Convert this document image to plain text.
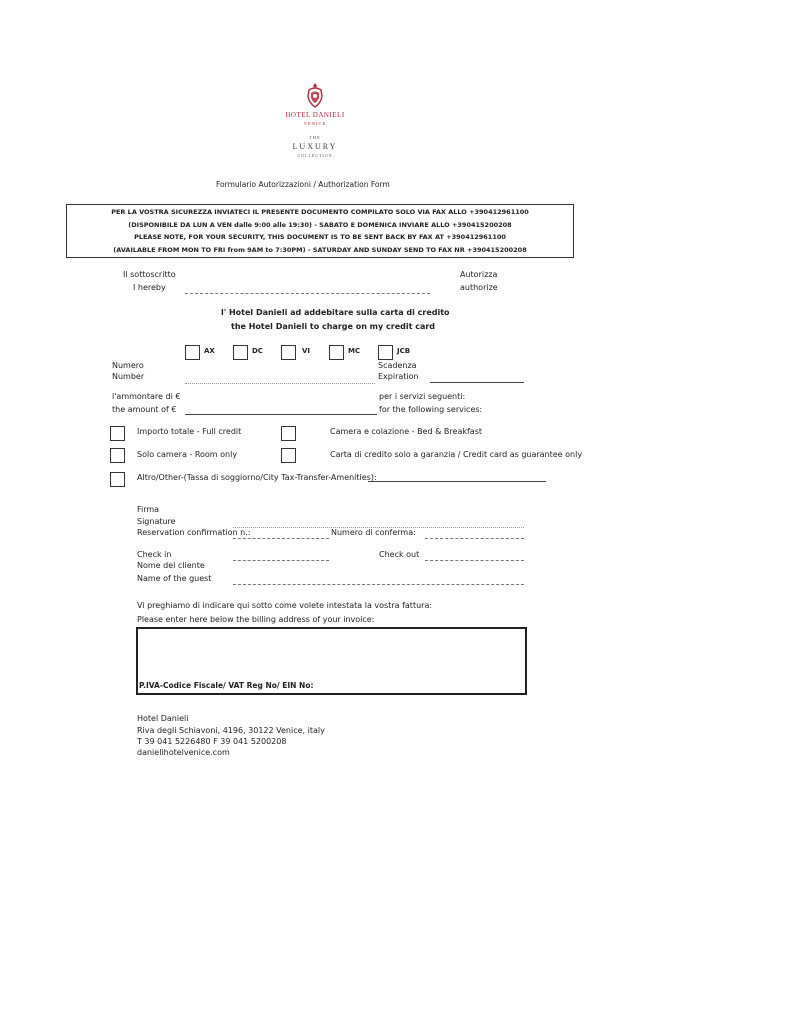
HOTEL DANIELI
VENICE
THE
LUXURY
COLLECTION
Formulario Autorizzazioni / Authorization Form
PER LA VOSTRA SICUREZZA INVIATECI IL PRESENTE DOCUMENTO COMPILATO SOLO VIA FAX ALLO +390412961100
(DISPONIBILE DA LUN A VEN dalle 9:00 alle 19:30) - SABATO E DOMENICA INVIARE ALLO +390415200208
PLEASE NOTE, FOR YOUR SECURITY, THIS DOCUMENT IS TO BE SENT BACK BY FAX AT +390412961100
(AVAILABLE FROM MON TO FRI from 9AM to 7:30PM) - SATURDAY AND SUNDAY SEND TO FAX NR +390415200208
Il sottoscritto
I hereby
Autorizza
authorize
l' Hotel Danieli ad addebitare sulla carta di credito
the Hotel Danieli to charge on my credit card
AX	DC	VI	MC	JCB
Numero
Number
Scadenza
Expiration
l'ammontare di €
the amount of €
per i servizi seguenti:
for the following services:
Importo totale - Full credit	Camera e colazione - Bed & Breakfast
Solo camera - Room only	Carta di credito solo a garanzia / Credit card as guarantee only
Altro/Other-(Tassa di soggiorno/City Tax-Transfer-Amenities):
Firma
Signature
Reservation confirmation n.:	Numero di conferma:
Check in	Check out
Nome del cliente
Name of the guest
Vi preghiamo di indicare qui sotto come volete intestata la vostra fattura:
Please enter here below the billing address of your invoice:
P.IVA-Codice Fiscale/ VAT Reg No/ EIN No:
Hotel Danieli
Riva degli Schiavoni, 4196, 30122 Venice, italy
T 39 041 5226480 F 39 041 5200208
danielihotelvenice.com
